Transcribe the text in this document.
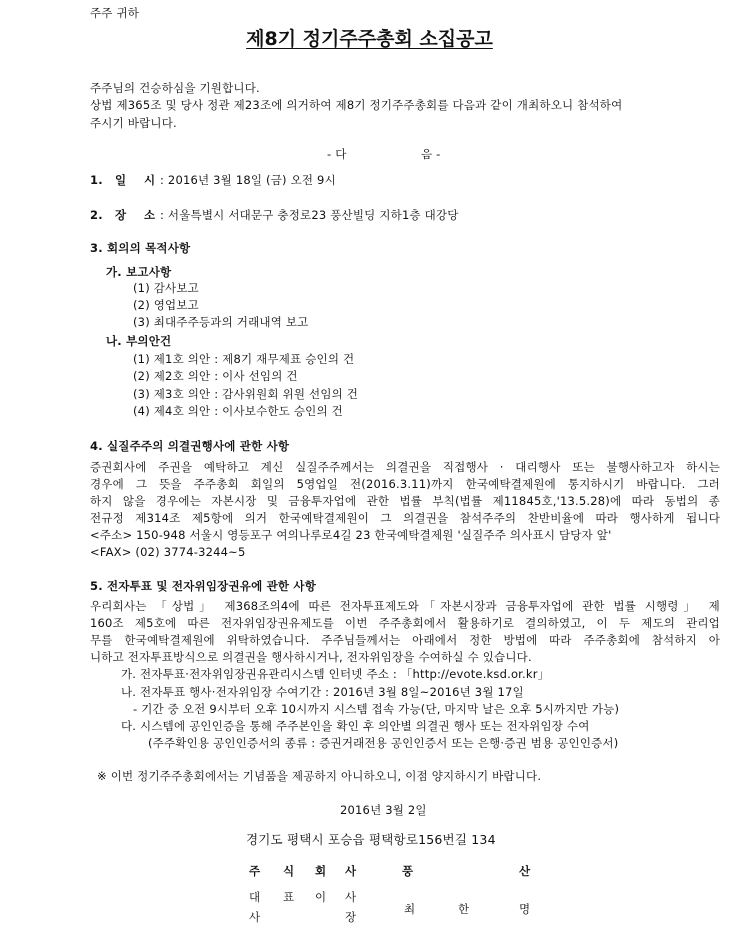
주주 귀하
제8기 정기주주총회 소집공고
주주님의 건승하심을 기원합니다.
상법 제365조 및 당사 정관 제23조에 의거하여 제8기 정기주주총회를 다음과 같이 개최하오니 참석하여
주시기 바랍니다.
- 다	음 -
1. 일 시 : 2016년 3월 18일 (금) 오전 9시
2. 장 소 : 서울특별시 서대문구 충정로23 풍산빌딩 지하1층 대강당
3. 회의의 목적사항
가. 보고사항
(1) 감사보고
(2) 영업보고
(3) 최대주주등과의 거래내역 보고
나. 부의안건
(1) 제1호 의안 : 제8기 재무제표 승인의 건
(2) 제2호 의안 : 이사 선임의 건
(3) 제3호 의안 : 감사위원회 위원 선임의 건
(4) 제4호 의안 : 이사보수한도 승인의 건
4. 실질주주의 의결권행사에 관한 사항
증권회사에 주권을 예탁하고 계신 실질주주께서는 의결권을 직접행사 · 대리행사 또는 불행사하고자 하시는
경우에 그 뜻을 주주총회 회일의 5영업일 전(2016.3.11)까지 한국예탁결제원에 통지하시기 바랍니다. 그러
하지 않을 경우에는 자본시장 및 금융투자업에 관한 법률 부칙(법률 제11845호,'13.5.28)에 따라 동법의 종
전규정 제314조 제5항에 의거 한국예탁결제원이 그 의결권을 참석주주의 찬반비율에 따라 행사하게 됩니다
<주소> 150-948 서울시 영등포구 여의나루로4길 23 한국예탁결제원 '실질주주 의사표시 담당자 앞'
<FAX> (02) 3774-3244~5
5. 전자투표 및 전자위임장권유에 관한 사항
우리회사는 「상법」 제368조의4에 따른 전자투표제도와「자본시장과 금융투자업에 관한 법률 시행령」 제
160조 제5호에 따른 전자위임장권유제도를 이번 주주총회에서 활용하기로 결의하였고, 이 두 제도의 관리업
무를 한국예탁결제원에 위탁하였습니다. 주주님들께서는 아래에서 정한 방법에 따라 주주총회에 참석하지 아
니하고 전자투표방식으로 의결권을 행사하시거나, 전자위임장을 수여하실 수 있습니다.
가. 전자투표·전자위임장권유관리시스템 인터넷 주소 : 「http://evote.ksd.or.kr」
나. 전자투표 행사·전자위임장 수여기간 : 2016년 3월 8일~2016년 3월 17일
- 기간 중 오전 9시부터 오후 10시까지 시스템 접속 가능(단, 마지막 날은 오후 5시까지만 가능)
다. 시스템에 공인인증을 통해 주주본인을 확인 후 의안별 의결권 행사 또는 전자위임장 수여
(주주확인용 공인인증서의 종류 : 증권거래전용 공인인증서 또는 은행·증권 범용 공인인증서)
※ 이번 정기주주총회에서는 기념품을 제공하지 아니하오니, 이점 양지하시기 바랍니다.
2016년 3월 2일
경기도 평택시 포승읍 평택항로156번길 134
주 식 회 사	풍	산
대 표 이 사
사	장
최	한	명
